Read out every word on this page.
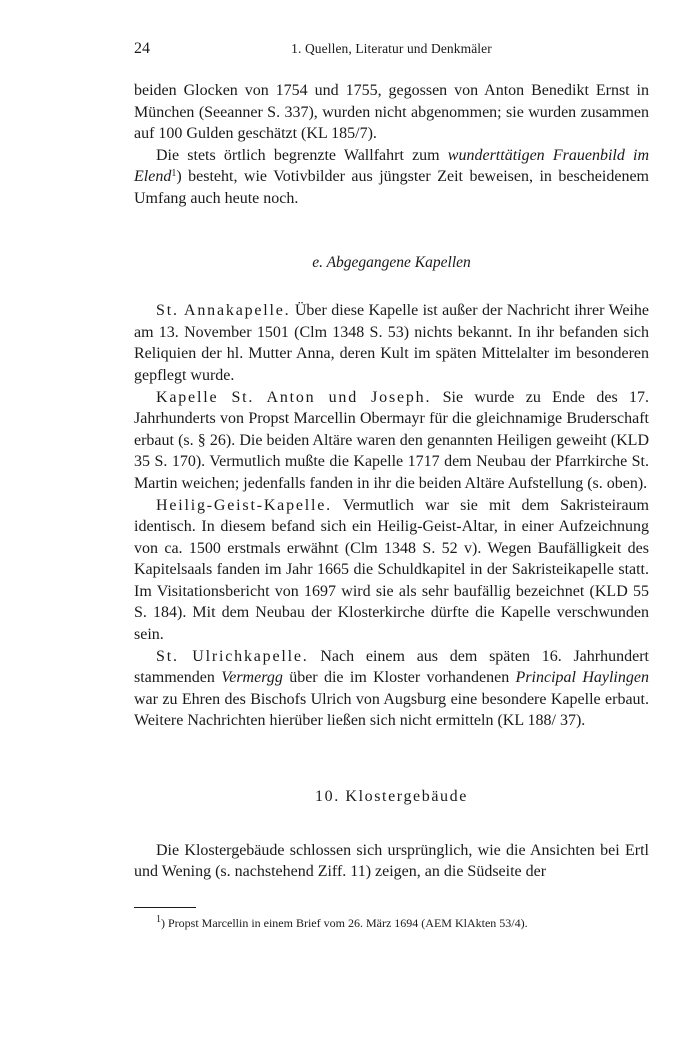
24	1. Quellen, Literatur und Denkmäler

beiden Glocken von 1754 und 1755, gegossen von Anton Benedikt Ernst in München (Seeanner S. 337), wurden nicht abgenommen; sie wurden zusammen auf 100 Gulden geschätzt (KL 185/7).

Die stets örtlich begrenzte Wallfahrt zum wunderttätigen Frauenbild im Elend$^1$) besteht, wie Votivbilder aus jüngster Zeit beweisen, in bescheidenem Umfang auch heute noch.

e. Abgegangene Kapellen

St. Annakapelle. Über diese Kapelle ist außer der Nachricht ihrer Weihe am 13. November 1501 (Clm 1348 S. 53) nichts bekannt. In ihr befanden sich Reliquien der hl. Mutter Anna, deren Kult im späten Mittelalter im besonderen gepflegt wurde.

Kapelle St. Anton und Joseph. Sie wurde zu Ende des 17. Jahrhunderts von Propst Marcellin Obermayr für die gleichnamige Bruderschaft erbaut (s. § 26). Die beiden Altäre waren den genannten Heiligen geweiht (KLD 35 S. 170). Vermutlich mußte die Kapelle 1717 dem Neubau der Pfarrkirche St. Martin weichen; jedenfalls fanden in ihr die beiden Altäre Aufstellung (s. oben).

Heilig-Geist-Kapelle. Vermutlich war sie mit dem Sakristeiraum identisch. In diesem befand sich ein Heilig-Geist-Altar, in einer Aufzeichnung von ca. 1500 erstmals erwähnt (Clm 1348 S. 52 v). Wegen Baufälligkeit des Kapitelsaals fanden im Jahr 1665 die Schuldkapitel in der Sakristeikapelle statt. Im Visitationsbericht von 1697 wird sie als sehr baufällig bezeichnet (KLD 55 S. 184). Mit dem Neubau der Klosterkirche dürfte die Kapelle verschwunden sein.

St. Ulrichkapelle. Nach einem aus dem späten 16. Jahrhundert stammenden Vermergg über die im Kloster vorhandenen Principal Haylingen war zu Ehren des Bischofs Ulrich von Augsburg eine besondere Kapelle erbaut. Weitere Nachrichten hierüber ließen sich nicht ermitteln (KL 188/ 37).

10. Klostergebäude

Die Klostergebäude schlossen sich ursprünglich, wie die Ansichten bei Ertl und Wening (s. nachstehend Ziff. 11) zeigen, an die Südseite der

$^1$) Propst Marcellin in einem Brief vom 26. März 1694 (AEM KlAkten 53/4).
